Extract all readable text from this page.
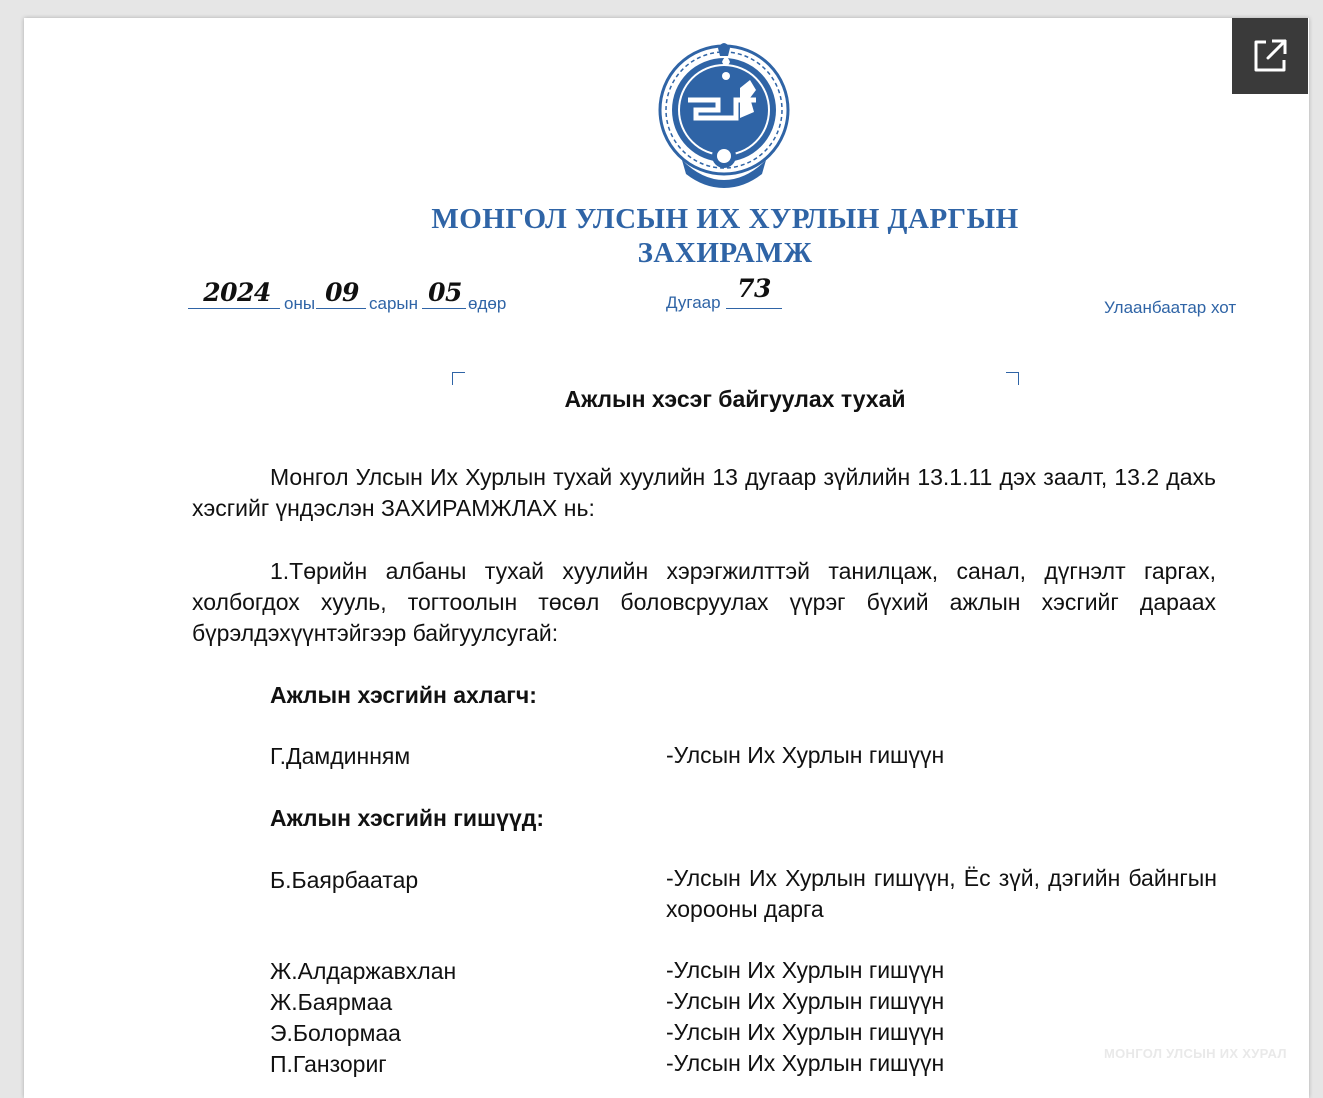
МОНГОЛ УЛСЫН ИХ ХУРЛЫН ДАРГЫН
ЗАХИРАМЖ
2024 оны 09 сарын 05 өдөр	Дугаар 73
Улаанбаатар хот
Ажлын хэсэг байгуулах тухай

Монгол Улсын Их Хурлын тухай хуулийн 13 дугаар зүйлийн 13.1.11 дэх заалт, 13.2 дахь хэсгийг үндэслэн ЗАХИРАМЖЛАХ нь:

1.Төрийн албаны тухай хуулийн хэрэгжилттэй танилцаж, санал, дүгнэлт гаргах, холбогдох хууль, тогтоолын төсөл боловсруулах үүрэг бүхий ажлын хэсгийг дараах бүрэлдэхүүнтэйгээр байгуулсугай:

Ажлын хэсгийн ахлагч:
Г.Дамдинням	-Улсын Их Хурлын гишүүн

Ажлын хэсгийн гишүүд:
Б.Баярбаатар	-Улсын Их Хурлын гишүүн, Ёс зүй, дэгийн байнгын хорооны дарга

Ж.Алдаржавхлан	-Улсын Их Хурлын гишүүн

Ж.Баярмаа	-Улсын Их Хурлын гишүүн

Э.Болормаа	-Улсын Их Хурлын гишүүн

П.Ганзориг	-Улсын Их Хурлын гишүүн	МОНГОЛ УЛСЫН ИХ ХУРАЛ
